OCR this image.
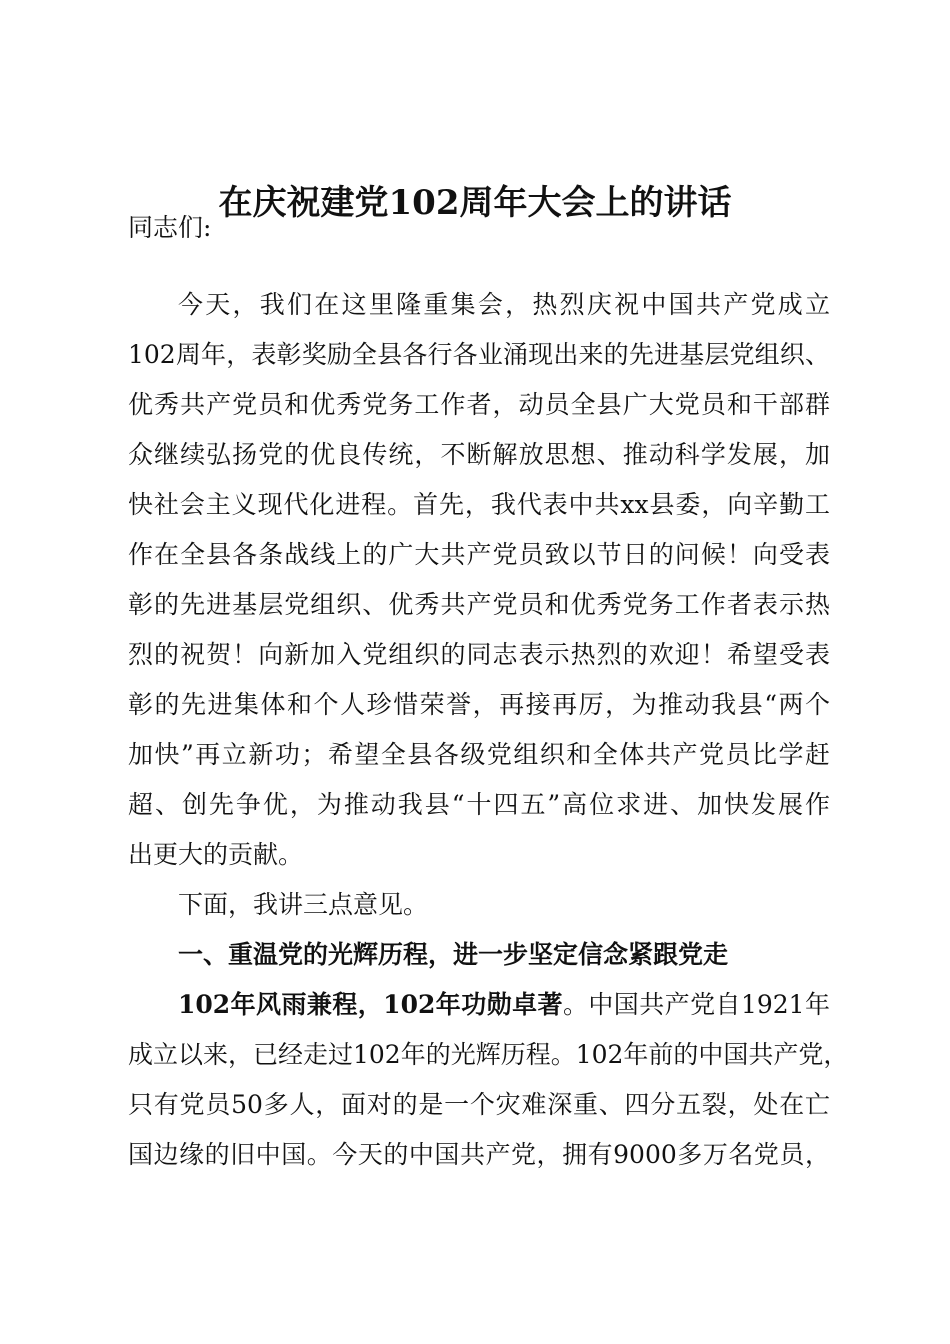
在庆祝建党102周年大会上的讲话
同志们:
今天，我们在这里隆重集会，热烈庆祝中国共产党成立
102周年，表彰奖励全县各行各业涌现出来的先进基层党组织、
优秀共产党员和优秀党务工作者，动员全县广大党员和干部群
众继续弘扬党的优良传统，不断解放思想、推动科学发展，加
快社会主义现代化进程。首先，我代表中共xx县委，向辛勤工
作在全县各条战线上的广大共产党员致以节日的问候！向受表
彰的先进基层党组织、优秀共产党员和优秀党务工作者表示热
烈的祝贺！向新加入党组织的同志表示热烈的欢迎！希望受表
彰的先进集体和个人珍惜荣誉，再接再厉，为推动我县“两个
加快”再立新功；希望全县各级党组织和全体共产党员比学赶
超、创先争优，为推动我县“十四五”高位求进、加快发展作
出更大的贡献。
下面，我讲三点意见。
一、重温党的光辉历程，进一步坚定信念紧跟党走
102年风雨兼程，102年功勋卓著。中国共产党自1921年
成立以来，已经走过102年的光辉历程。102年前的中国共产党，
只有党员50多人，面对的是一个灾难深重、四分五裂，处在亡
国边缘的旧中国。今天的中国共产党，拥有9000多万名党员，
